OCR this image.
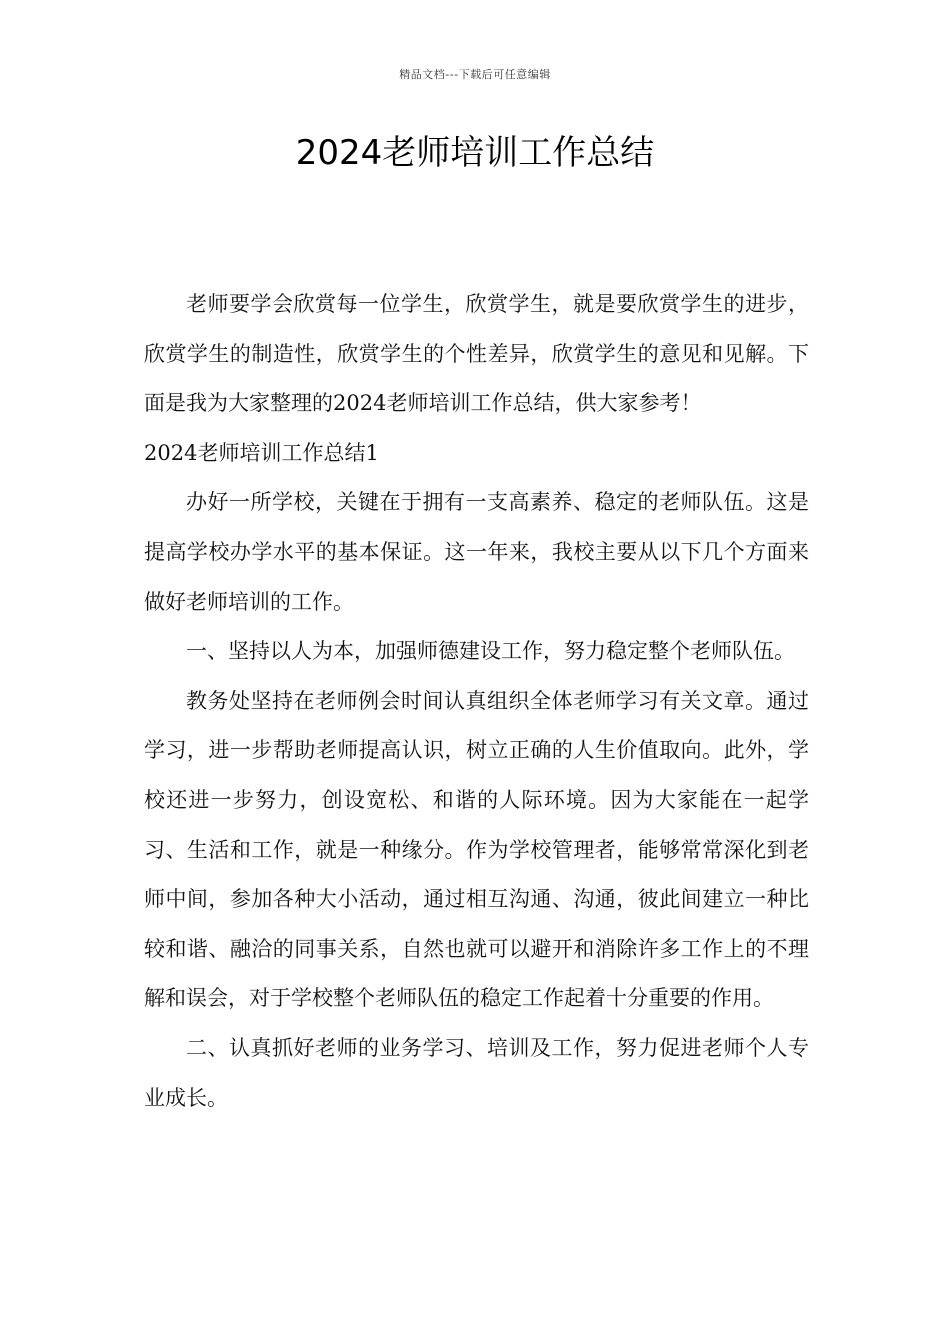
精品文档---下载后可任意编辑
2024老师培训工作总结

老师要学会欣赏每一位学生，欣赏学生，就是要欣赏学生的进步，欣赏学生的制造性，欣赏学生的个性差异，欣赏学生的意见和见解。下面是我为大家整理的2024老师培训工作总结，供大家参考！

2024老师培训工作总结1

办好一所学校，关键在于拥有一支高素养、稳定的老师队伍。这是提高学校办学水平的基本保证。这一年来，我校主要从以下几个方面来做好老师培训的工作。

一、坚持以人为本，加强师德建设工作，努力稳定整个老师队伍。

教务处坚持在老师例会时间认真组织全体老师学习有关文章。通过学习，进一步帮助老师提高认识，树立正确的人生价值取向。此外，学校还进一步努力，创设宽松、和谐的人际环境。因为大家能在一起学习、生活和工作，就是一种缘分。作为学校管理者，能够常常深化到老师中间，参加各种大小活动，通过相互沟通、沟通，彼此间建立一种比较和谐、融洽的同事关系，自然也就可以避开和消除许多工作上的不理解和误会，对于学校整个老师队伍的稳定工作起着十分重要的作用。

二、认真抓好老师的业务学习、培训及工作，努力促进老师个人专业成长。
